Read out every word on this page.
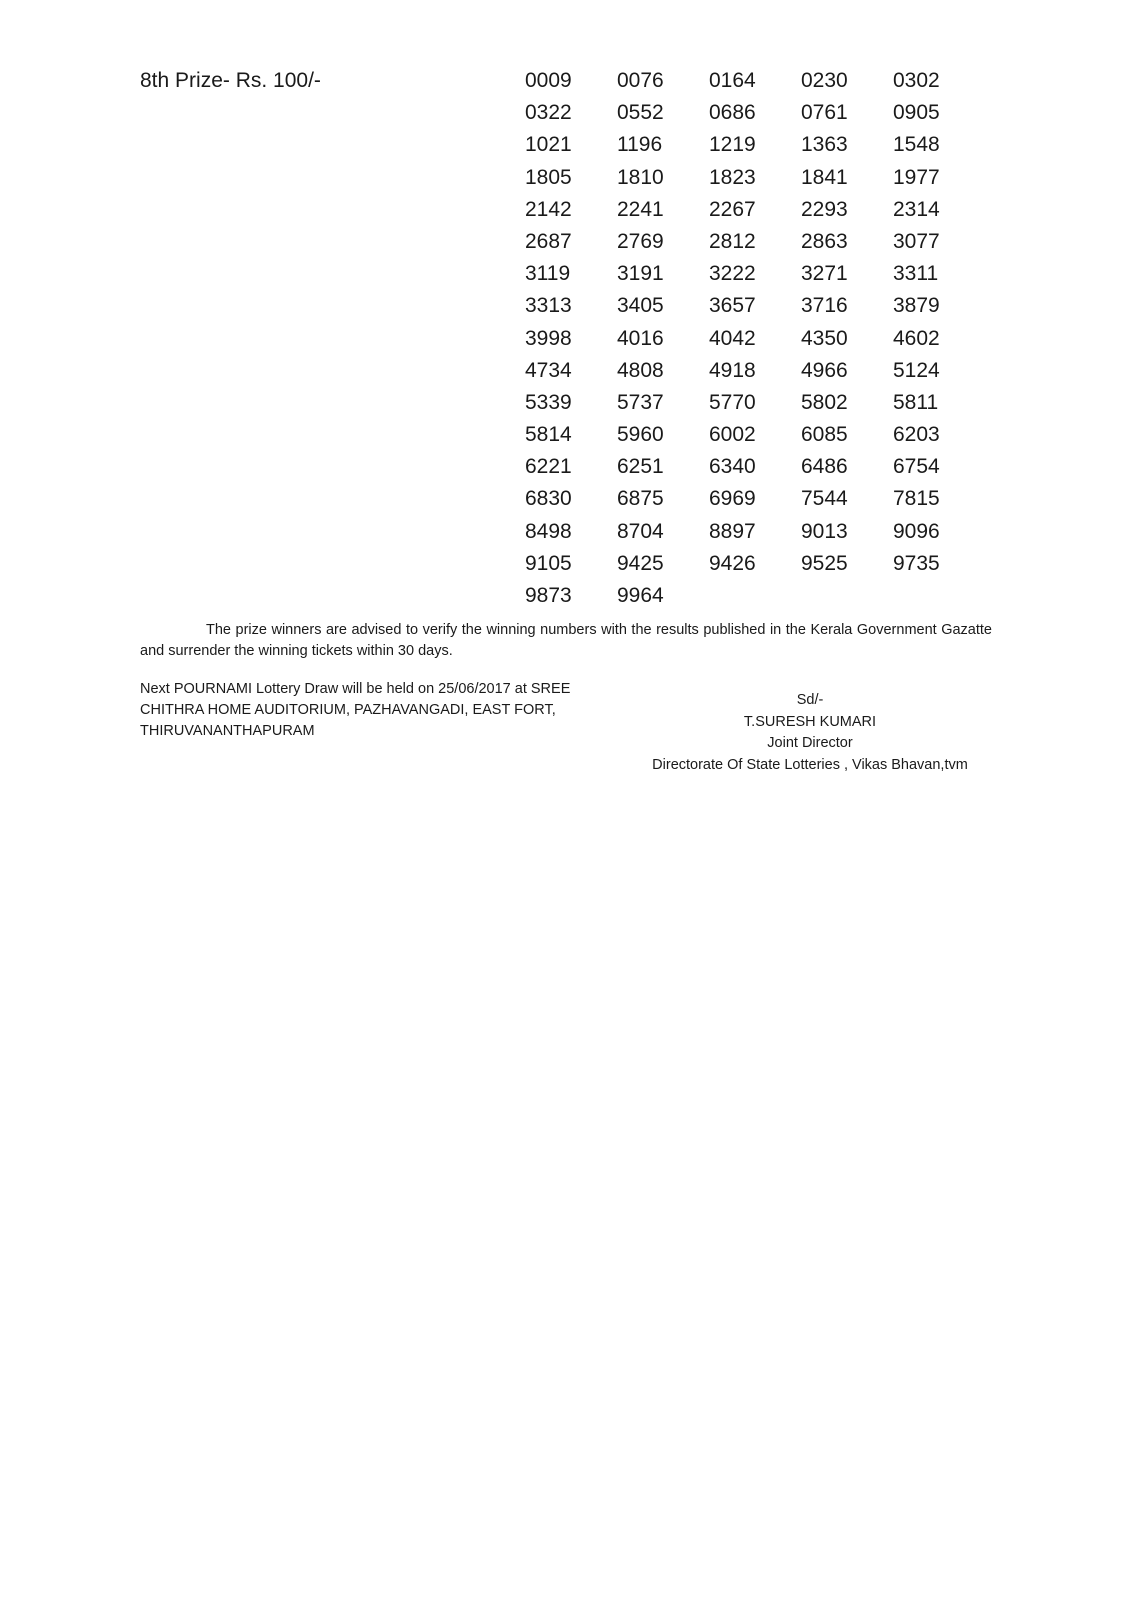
8th Prize- Rs. 100/-	0009	0076	0164	0230	0302
0322	0552	0686	0761	0905
1021	1196	1219	1363	1548
1805	1810	1823	1841	1977
2142	2241	2267	2293	2314
2687	2769	2812	2863	3077
3119	3191	3222	3271	3311
3313	3405	3657	3716	3879
3998	4016	4042	4350	4602
4734	4808	4918	4966	5124
5339	5737	5770	5802	5811
5814	5960	6002	6085	6203
6221	6251	6340	6486	6754
6830	6875	6969	7544	7815
8498	8704	8897	9013	9096
9105	9425	9426	9525	9735
9873	9964
The prize winners are advised to verify the winning numbers with the results published in the Kerala Government Gazatte and surrender the winning tickets within 30 days.
Next POURNAMI Lottery Draw will be held on 25/06/2017 at SREE
CHITHRA HOME AUDITORIUM, PAZHAVANGADI, EAST FORT,
THIRUVANANTHAPURAM
Sd/-
T.SURESH KUMARI
Joint Director
Directorate Of State Lotteries , Vikas Bhavan,tvm
